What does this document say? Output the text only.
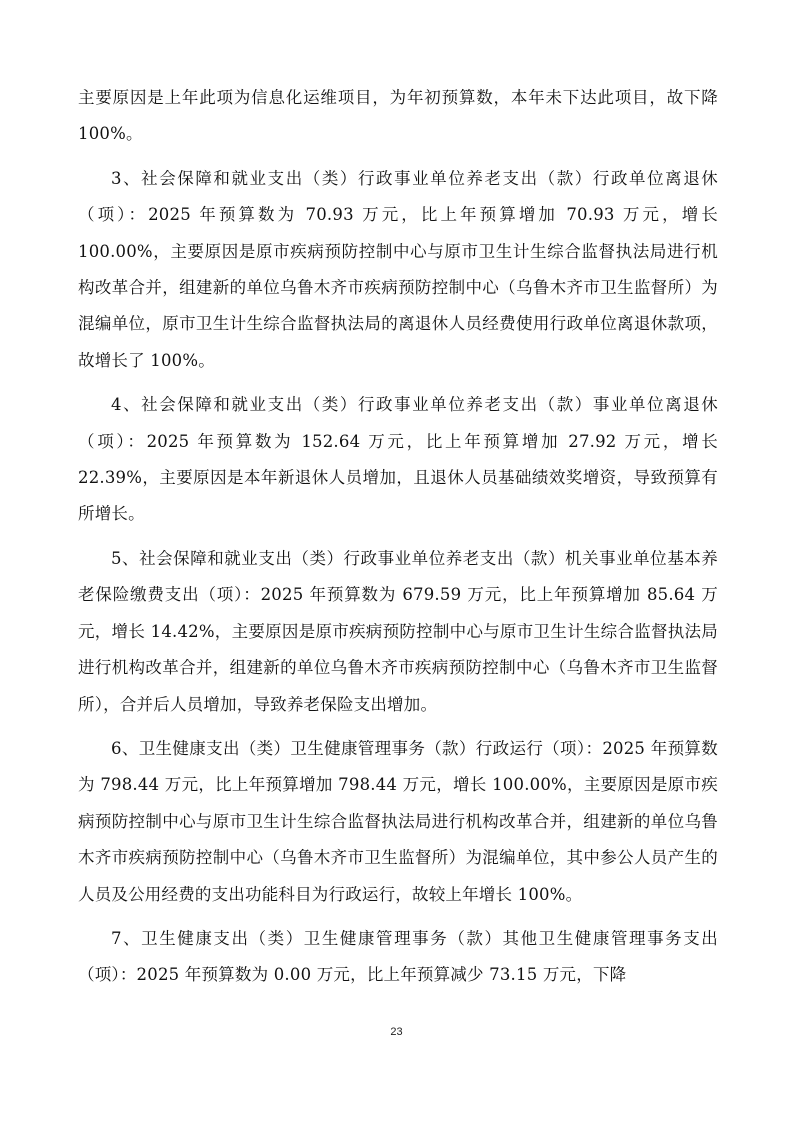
主要原因是上年此项为信息化运维项目，为年初预算数，本年未下达此项目，故下降 100%。

3、社会保障和就业支出（类）行政事业单位养老支出（款）行政单位离退休（项）：2025 年预算数为 70.93 万元，比上年预算增加 70.93 万元，增长 100.00%，主要原因是原市疾病预防控制中心与原市卫生计生综合监督执法局进行机构改革合并，组建新的单位乌鲁木齐市疾病预防控制中心（乌鲁木齐市卫生监督所）为混编单位，原市卫生计生综合监督执法局的离退休人员经费使用行政单位离退休款项，故增长了 100%。

4、社会保障和就业支出（类）行政事业单位养老支出（款）事业单位离退休（项）：2025 年预算数为 152.64 万元，比上年预算增加 27.92 万元，增长 22.39%，主要原因是本年新退休人员增加，且退休人员基础绩效奖增资，导致预算有所增长。

5、社会保障和就业支出（类）行政事业单位养老支出（款）机关事业单位基本养老保险缴费支出（项）：2025 年预算数为 679.59 万元，比上年预算增加 85.64 万元，增长 14.42%，主要原因是原市疾病预防控制中心与原市卫生计生综合监督执法局进行机构改革合并，组建新的单位乌鲁木齐市疾病预防控制中心（乌鲁木齐市卫生监督所），合并后人员增加，导致养老保险支出增加。

6、卫生健康支出（类）卫生健康管理事务（款）行政运行（项）：2025 年预算数为 798.44 万元，比上年预算增加 798.44 万元，增长 100.00%，主要原因是原市疾病预防控制中心与原市卫生计生综合监督执法局进行机构改革合并，组建新的单位乌鲁木齐市疾病预防控制中心（乌鲁木齐市卫生监督所）为混编单位，其中参公人员产生的人员及公用经费的支出功能科目为行政运行，故较上年增长 100%。

7、卫生健康支出（类）卫生健康管理事务（款）其他卫生健康管理事务支出（项）：2025 年预算数为 0.00 万元，比上年预算减少 73.15 万元，下降

23
